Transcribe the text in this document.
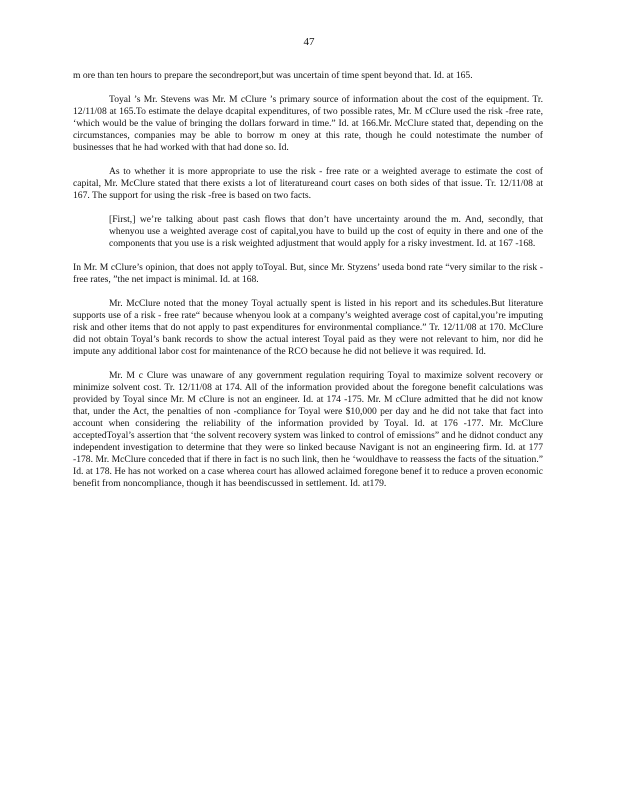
47

m ore than ten hours to prepare the secondreport,but was uncertain of time spent beyond that. Id. at 165.

Toyal ’s Mr. Stevens was Mr. M cClure ’s primary source of information about the cost of the equipment. Tr. 12/11/08 at 165.To estimate the delaye dcapital expenditures, of two possible rates, Mr. M cClure used the risk -free rate, ‘which would be the value of bringing the dollars forward in time.” Id. at 166.Mr. McClure stated that, depending on the circumstances, companies may be able to borrow m oney at this rate, though he could notestimate the number of businesses that he had worked with that had done so. Id.

As to whether it is more appropriate to use the risk - free rate or a weighted average to estimate the cost of capital, Mr. McClure stated that there exists a lot of literatureand court cases on both sides of that issue. Tr. 12/11/08 at 167. The support for using the risk -free is based on two facts.

[First,] we’re talking about past cash flows that don’t have uncertainty around the m. And, secondly, that whenyou use a weighted average cost of capital,you have to build up the cost of equity in there and one of the components that you use is a risk weighted adjustment that would apply for a risky investment. Id. at 167 -168.

In Mr. M cClure’s opinion, that does not apply toToyal. But, since Mr. Styzens’ useda bond rate “very similar to the risk - free rates, ”the net impact is minimal. Id. at 168.

Mr. McClure noted that the money Toyal actually spent is listed in his report and its schedules.But literature supports use of a risk - free rate“ because whenyou look at a company’s weighted average cost of capital,you’re imputing risk and other items that do not apply to past expenditures for environmental compliance.” Tr. 12/11/08 at 170. McClure did not obtain Toyal’s bank records to show the actual interest Toyal paid as they were not relevant to him, nor did he impute any additional labor cost for maintenance of the RCO because he did not believe it was required. Id.

Mr. M c Clure was unaware of any government regulation requiring Toyal to maximize solvent recovery or minimize solvent cost. Tr. 12/11/08 at 174. All of the information provided about the foregone benefit calculations was provided by Toyal since Mr. M cClure is not an engineer. Id. at 174 -175. Mr. M cClure admitted that he did not know that, under the Act, the penalties of non -compliance for Toyal were $10,000 per day and he did not take that fact into account when considering the reliability of the information provided by Toyal. Id. at 176 -177. Mr. McClure acceptedToyal’s assertion that ‘the solvent recovery system was linked to control of emissions” and he didnot conduct any independent investigation to determine that they were so linked because Navigant is not an engineering firm. Id. at 177 -178. Mr. McClure conceded that if there in fact is no such link, then he ‘wouldhave to reassess the facts of the situation.” Id. at 178. He has not worked on a case wherea court has allowed aclaimed foregone benef it to reduce a proven economic benefit from noncompliance, though it has beendiscussed in settlement. Id. at179.
